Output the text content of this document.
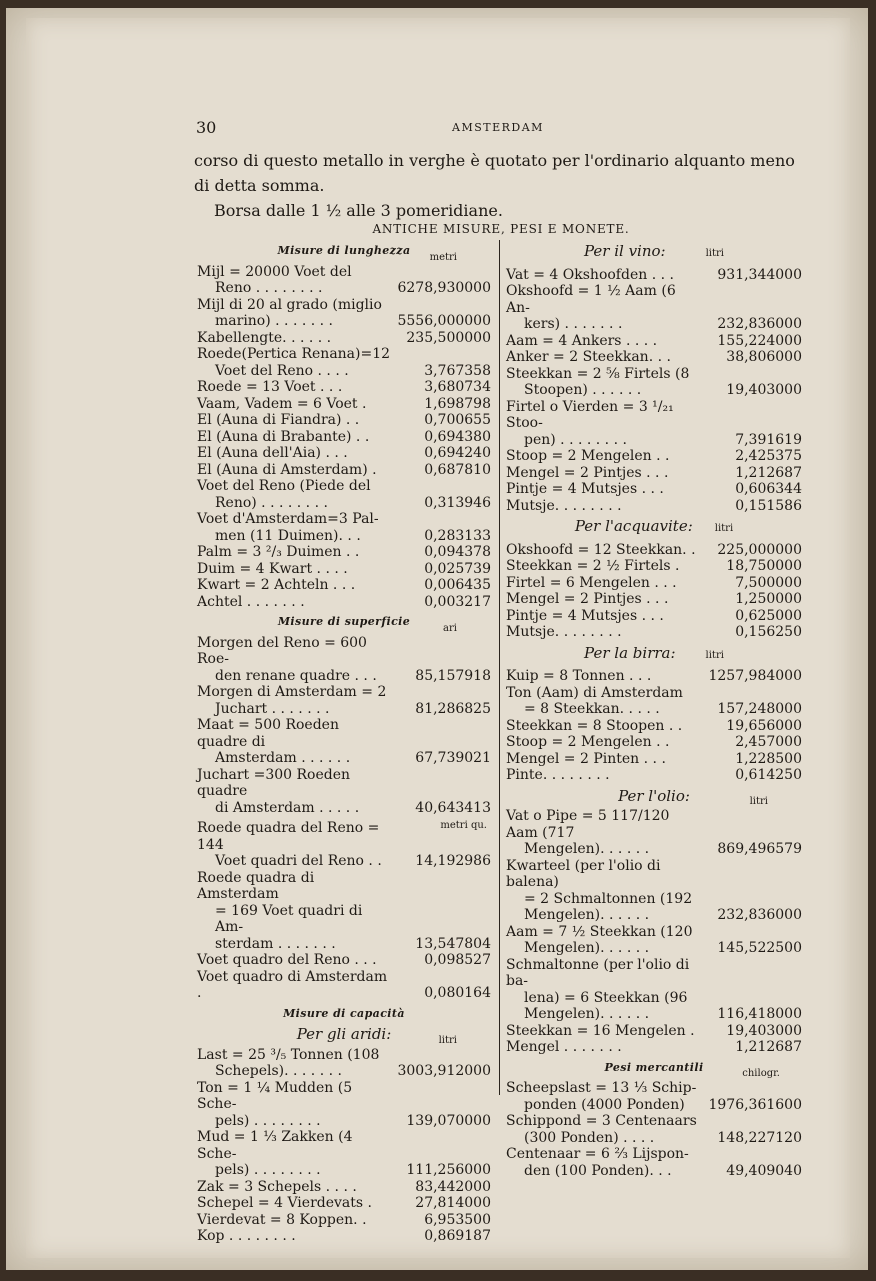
30	AMSTERDAM

corso di questo metallo in verghe è quotato per l'ordinario alquanto meno

di detta somma.

Borsa dalle 1 ½ alle 3 pomeridiane.

ANTICHE MISURE, PESI E MONETE.
Misure di lunghezza	metri
Mijl = 20000 Voet del
Reno . . . . . . . .	6278,930000
Mijl di 20 al grado (miglio
marino) . . . . . . .	5556,000000
Kabellengte. . . . . .	235,500000
Roede(Pertica Renana)=12
Voet del Reno . . . .	3,767358
Roede = 13 Voet . . .	3,680734
Vaam, Vadem = 6 Voet .	1,698798
El (Auna di Fiandra) . .	0,700655
El (Auna di Brabante) . .	0,694380
El (Auna dell'Aia) . . .	0,694240
El (Auna di Amsterdam) .	0,687810
Voet del Reno (Piede del
Reno) . . . . . . . .	0,313946
Voet d'Amsterdam=3 Pal-
men (11 Duimen). . .	0,283133
Palm = 3 ²/₃ Duimen . .	0,094378
Duim = 4 Kwart . . . .	0,025739
Kwart = 2 Achteln . . .	0,006435
Achtel . . . . . . .	0,003217
Misure di superficie	ari
Morgen del Reno = 600 Roe-
den renane quadre . . .	85,157918
Morgen di Amsterdam = 2
Juchart . . . . . . .	81,286825
Maat = 500 Roeden quadre di
Amsterdam . . . . . .	67,739021
Juchart =300 Roeden quadre
di Amsterdam . . . . .	40,643413
metri qu.
Roede quadra del Reno = 144
Voet quadri del Reno . .	14,192986
Roede quadra di Amsterdam
= 169 Voet quadri di Am-
sterdam . . . . . . .	13,547804
Voet quadro del Reno . . .	0,098527
Voet quadro di Amsterdam .	0,080164
Misure di capacità
Per gli aridi:	litri
Last = 25 ³/₅ Tonnen (108
Schepels). . . . . . .	3003,912000
Ton = 1 ¼ Mudden (5 Sche-
pels) . . . . . . . .	139,070000
Mud = 1 ⅓ Zakken (4 Sche-
pels) . . . . . . . .	111,256000
Zak = 3 Schepels . . . .	83,442000
Schepel = 4 Vierdevats .	27,814000
Vierdevat = 8 Koppen. .	6,953500
Kop . . . . . . . .	0,869187
Per il vino:	litri
Vat = 4 Okshoofden . . .	931,344000
Okshoofd = 1 ½ Aam (6 An-
kers) . . . . . . .	232,836000
Aam = 4 Ankers . . . .	155,224000
Anker = 2 Steekkan. . .	38,806000
Steekkan = 2 ⅝ Firtels (8
Stoopen) . . . . . .	19,403000
Firtel o Vierden = 3 ¹/₂₁ Stoo-
pen) . . . . . . . .	7,391619
Stoop = 2 Mengelen . .	2,425375
Mengel = 2 Pintjes . . .	1,212687
Pintje = 4 Mutsjes . . .	0,606344
Mutsje. . . . . . . .	0,151586
Per l'acquavite: litri
Okshoofd = 12 Steekkan. .	225,000000
Steekkan = 2 ½ Firtels .	18,750000
Firtel = 6 Mengelen . . .	7,500000
Mengel = 2 Pintjes . . .	1,250000
Pintje = 4 Mutsjes . . .	0,625000
Mutsje. . . . . . . .	0,156250
Per la birra:	litri
Kuip = 8 Tonnen . . .	1257,984000
Ton (Aam) di Amsterdam
= 8 Steekkan. . . . .	157,248000
Steekkan = 8 Stoopen . .	19,656000
Stoop = 2 Mengelen . .	2,457000
Mengel = 2 Pinten . . .	1,228500
Pinte. . . . . . . .	0,614250
Per l'olio:	litri
Vat o Pipe = 5 117/120 Aam (717
Mengelen). . . . . .	869,496579
Kwarteel (per l'olio di balena)
= 2 Schmaltonnen (192
Mengelen). . . . . .	232,836000
Aam = 7 ½ Steekkan (120
Mengelen). . . . . .	145,522500
Schmaltonne (per l'olio di ba-
lena) = 6 Steekkan (96
Mengelen). . . . . .	116,418000
Steekkan = 16 Mengelen .	19,403000
Mengel . . . . . . .	1,212687
Pesi mercantili	chilogr.
Scheepslast = 13 ⅓ Schip-
ponden (4000 Ponden)	1976,361600
Schippond = 3 Centenaars
(300 Ponden) . . . .	148,227120
Centenaar = 6 ⅔ Lijspon-
den (100 Ponden). . .	49,409040
